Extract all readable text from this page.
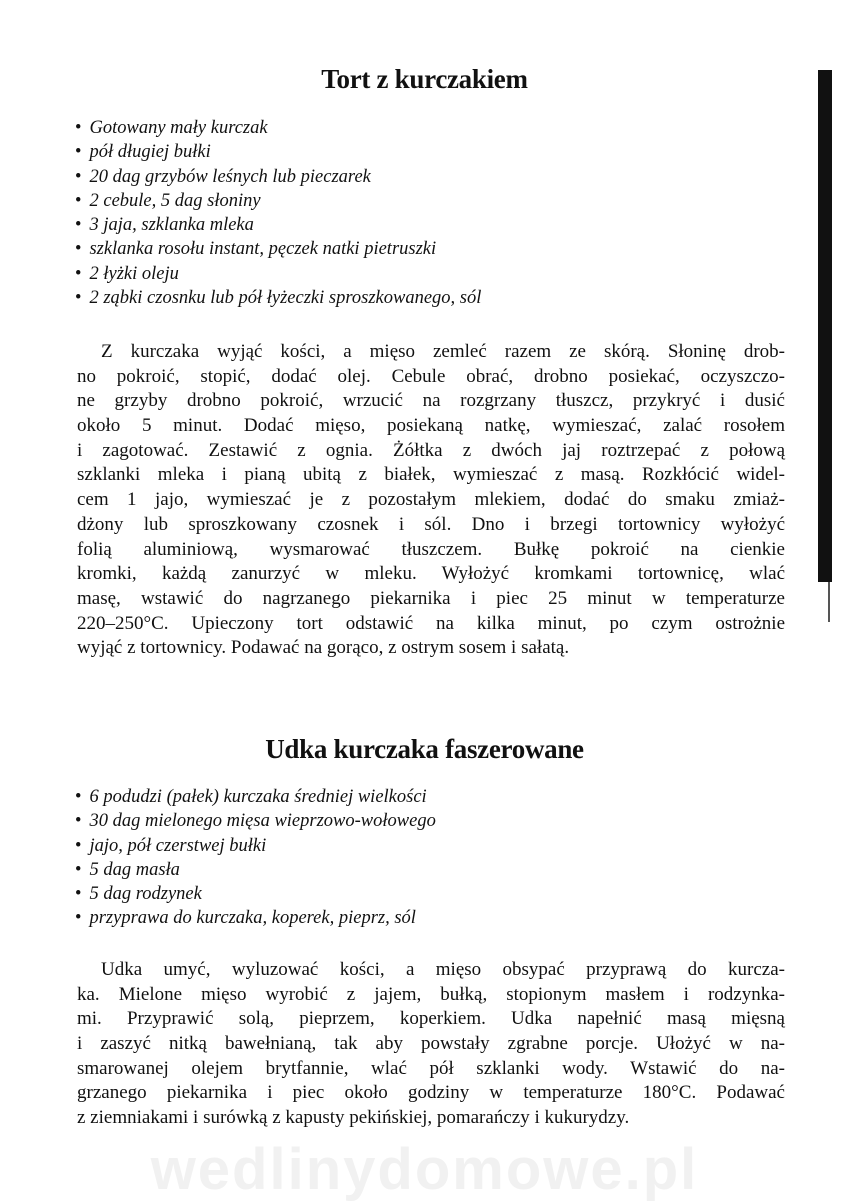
Tort z kurczakiem
• Gotowany mały kurczak
• pół długiej bułki
• 20 dag grzybów leśnych lub pieczarek
• 2 cebule, 5 dag słoniny
• 3 jaja, szklanka mleka
• szklanka rosołu instant, pęczek natki pietruszki
• 2 łyżki oleju
• 2 ząbki czosnku lub pół łyżeczki sproszkowanego, sól
Z kurczaka wyjąć kości, a mięso zemleć razem ze skórą. Słoninę drob-
no pokroić, stopić, dodać olej. Cebule obrać, drobno posiekać, oczyszczo-
ne grzyby drobno pokroić, wrzucić na rozgrzany tłuszcz, przykryć i dusić
około 5 minut. Dodać mięso, posiekaną natkę, wymieszać, zalać rosołem
i zagotować. Zestawić z ognia. Żółtka z dwóch jaj roztrzepać z połową
szklanki mleka i pianą ubitą z białek, wymieszać z masą. Rozkłócić widel-
cem 1 jajo, wymieszać je z pozostałym mlekiem, dodać do smaku zmiaż-
dżony lub sproszkowany czosnek i sól. Dno i brzegi tortownicy wyłożyć
folią aluminiową, wysmarować tłuszczem. Bułkę pokroić na cienkie
kromki, każdą zanurzyć w mleku. Wyłożyć kromkami tortownicę, wlać
masę, wstawić do nagrzanego piekarnika i piec 25 minut w temperaturze
220–250°C. Upieczony tort odstawić na kilka minut, po czym ostrożnie
wyjąć z tortownicy. Podawać na gorąco, z ostrym sosem i sałatą.
Udka kurczaka faszerowane
• 6 podudzi (pałek) kurczaka średniej wielkości
• 30 dag mielonego mięsa wieprzowo-wołowego
• jajo, pół czerstwej bułki
• 5 dag masła
• 5 dag rodzynek
• przyprawa do kurczaka, koperek, pieprz, sól
Udka umyć, wyluzować kości, a mięso obsypać przyprawą do kurcza-
ka. Mielone mięso wyrobić z jajem, bułką, stopionym masłem i rodzynka-
mi. Przyprawić solą, pieprzem, koperkiem. Udka napełnić masą mięsną
i zaszyć nitką bawełnianą, tak aby powstały zgrabne porcje. Ułożyć w na-
smarowanej olejem brytfannie, wlać pół szklanki wody. Wstawić do na-
grzanego piekarnika i piec około godziny w temperaturze 180°C. Podawać
z ziemniakami i surówką z kapusty pekińskiej, pomarańczy i kukurydzy.
wedlinydomowe.pl
